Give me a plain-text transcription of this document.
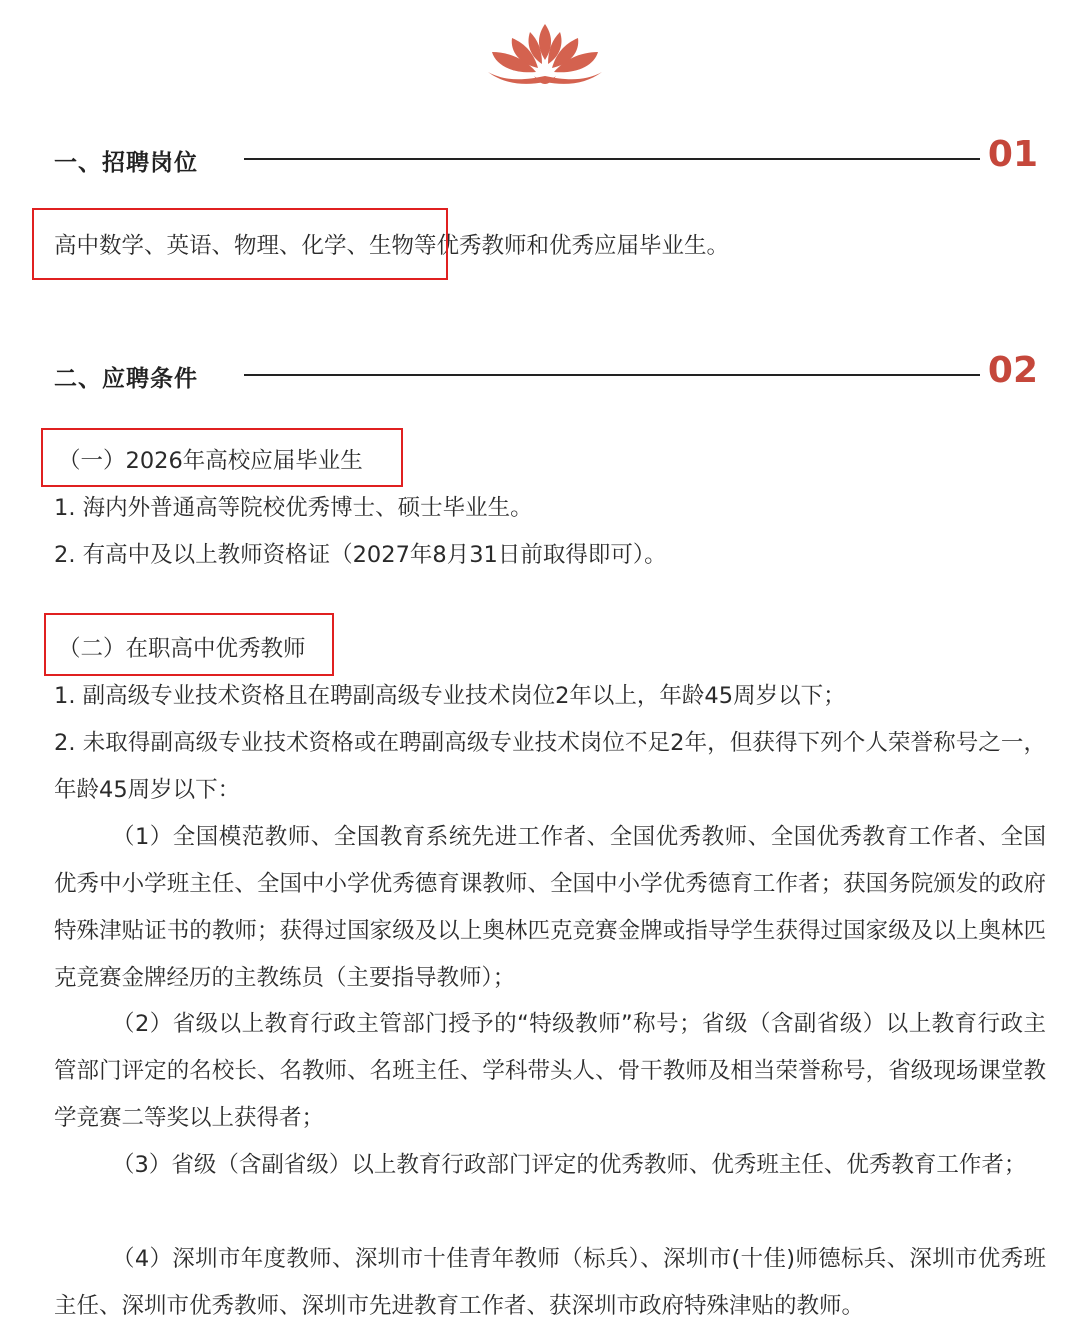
一、招聘岗位	01
高中数学、英语、物理、化学、生物等优秀教师和优秀应届毕业生。
二、应聘条件	02
（一）2026年高校应届毕业生
1. 海内外普通高等院校优秀博士、硕士毕业生。
2. 有高中及以上教师资格证（2027年8月31日前取得即可）。
（二）在职高中优秀教师
1. 副高级专业技术资格且在聘副高级专业技术岗位2年以上，年龄45周岁以下；
2. 未取得副高级专业技术资格或在聘副高级专业技术岗位不足2年，但获得下列个人荣誉称号之一，年龄45周岁以下：
（1）全国模范教师、全国教育系统先进工作者、全国优秀教师、全国优秀教育工作者、全国优秀中小学班主任、全国中小学优秀德育课教师、全国中小学优秀德育工作者；获国务院颁发的政府特殊津贴证书的教师；获得过国家级及以上奥林匹克竞赛金牌或指导学生获得过国家级及以上奥林匹克竞赛金牌经历的主教练员（主要指导教师）；
（2）省级以上教育行政主管部门授予的“特级教师”称号；省级（含副省级）以上教育行政主管部门评定的名校长、名教师、名班主任、学科带头人、骨干教师及相当荣誉称号，省级现场课堂教学竞赛二等奖以上获得者；
（3）省级（含副省级）以上教育行政部门评定的优秀教师、优秀班主任、优秀教育工作者；
（4）深圳市年度教师、深圳市十佳青年教师（标兵）、深圳市(十佳)师德标兵、深圳市优秀班主任、深圳市优秀教师、深圳市先进教育工作者、获深圳市政府特殊津贴的教师。
